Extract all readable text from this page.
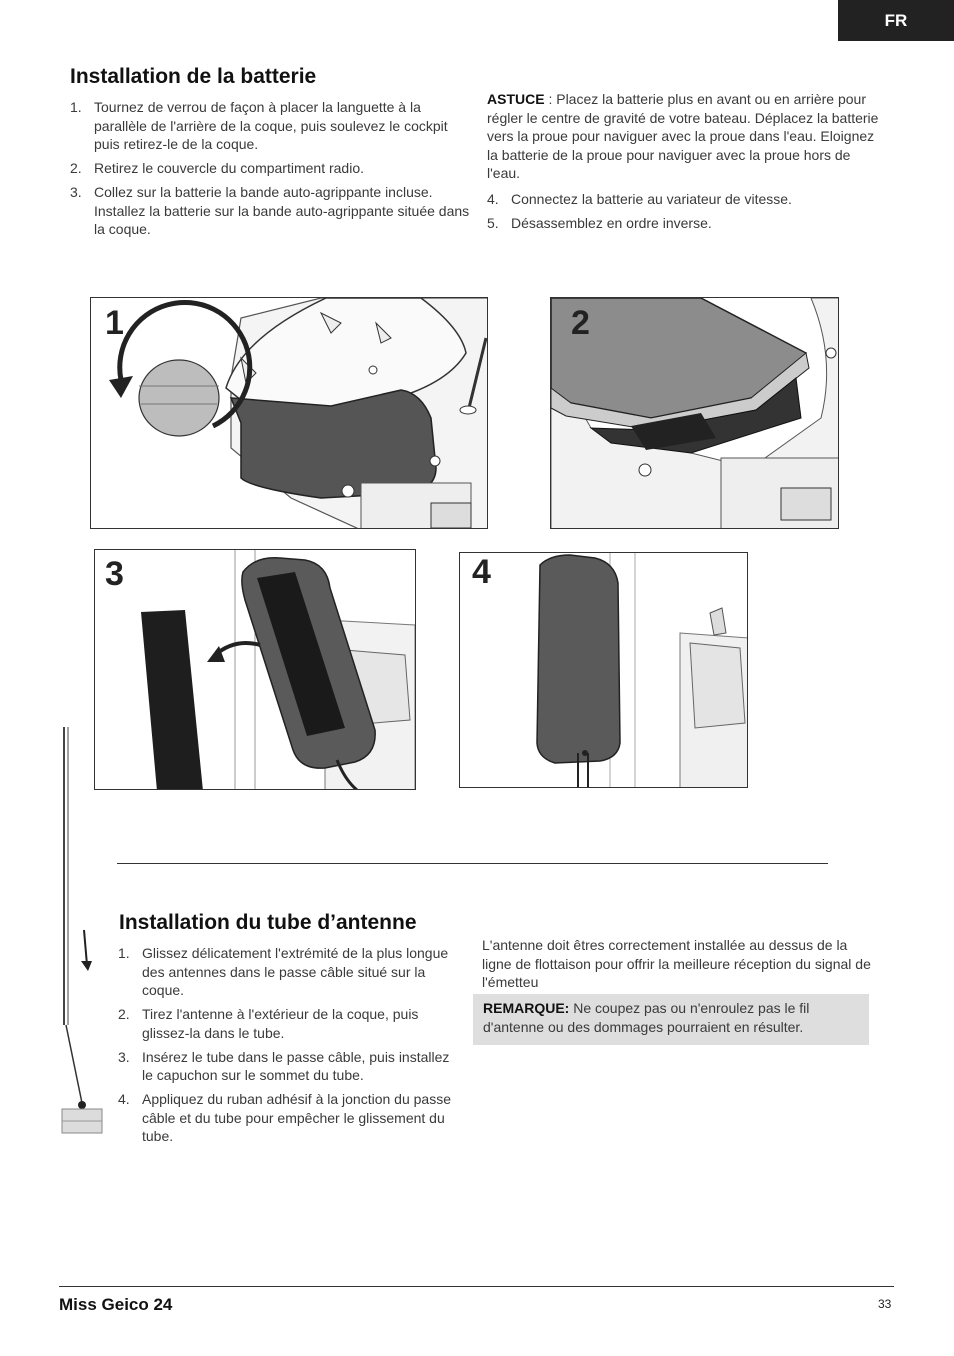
FR
Installation de la batterie
1. Tournez de verrou de façon à placer la languette à la parallèle de l'arrière de la coque, puis soulevez le cockpit puis retirez-le de la coque.
2. Retirez le couvercle du compartiment radio.
3. Collez sur la batterie la bande auto-agrippante incluse. Installez la batterie sur la bande auto-agrippante située dans la coque.
ASTUCE : Placez la batterie plus en avant ou en arrière pour régler le centre de gravité de votre bateau. Déplacez la batterie vers la proue pour naviguer avec la proue dans l'eau. Eloignez la batterie de la proue pour naviguer avec la proue hors de l'eau.
4. Connectez la batterie au variateur de vitesse.
5. Désassemblez en ordre inverse.
1	2
3	4
Installation du tube d’antenne
1. Glissez délicatement l'extrémité de la plus longue des antennes dans le passe câble situé sur la coque.
2. Tirez l'antenne à l'extérieur de la coque, puis glissez-la dans le tube.
3. Insérez le tube dans le passe câble, puis installez le capuchon sur le sommet du tube.
4. Appliquez du ruban adhésif à la jonction du passe câble et du tube pour empêcher le glissement du tube.
L'antenne doit êtres correctement installée au dessus de la ligne de flottaison pour offrir la meilleure réception du signal de l'émetteu
REMARQUE: Ne coupez pas ou n'enroulez pas le fil d'antenne ou des dommages pourraient en résulter.
Miss Geico 24	33
